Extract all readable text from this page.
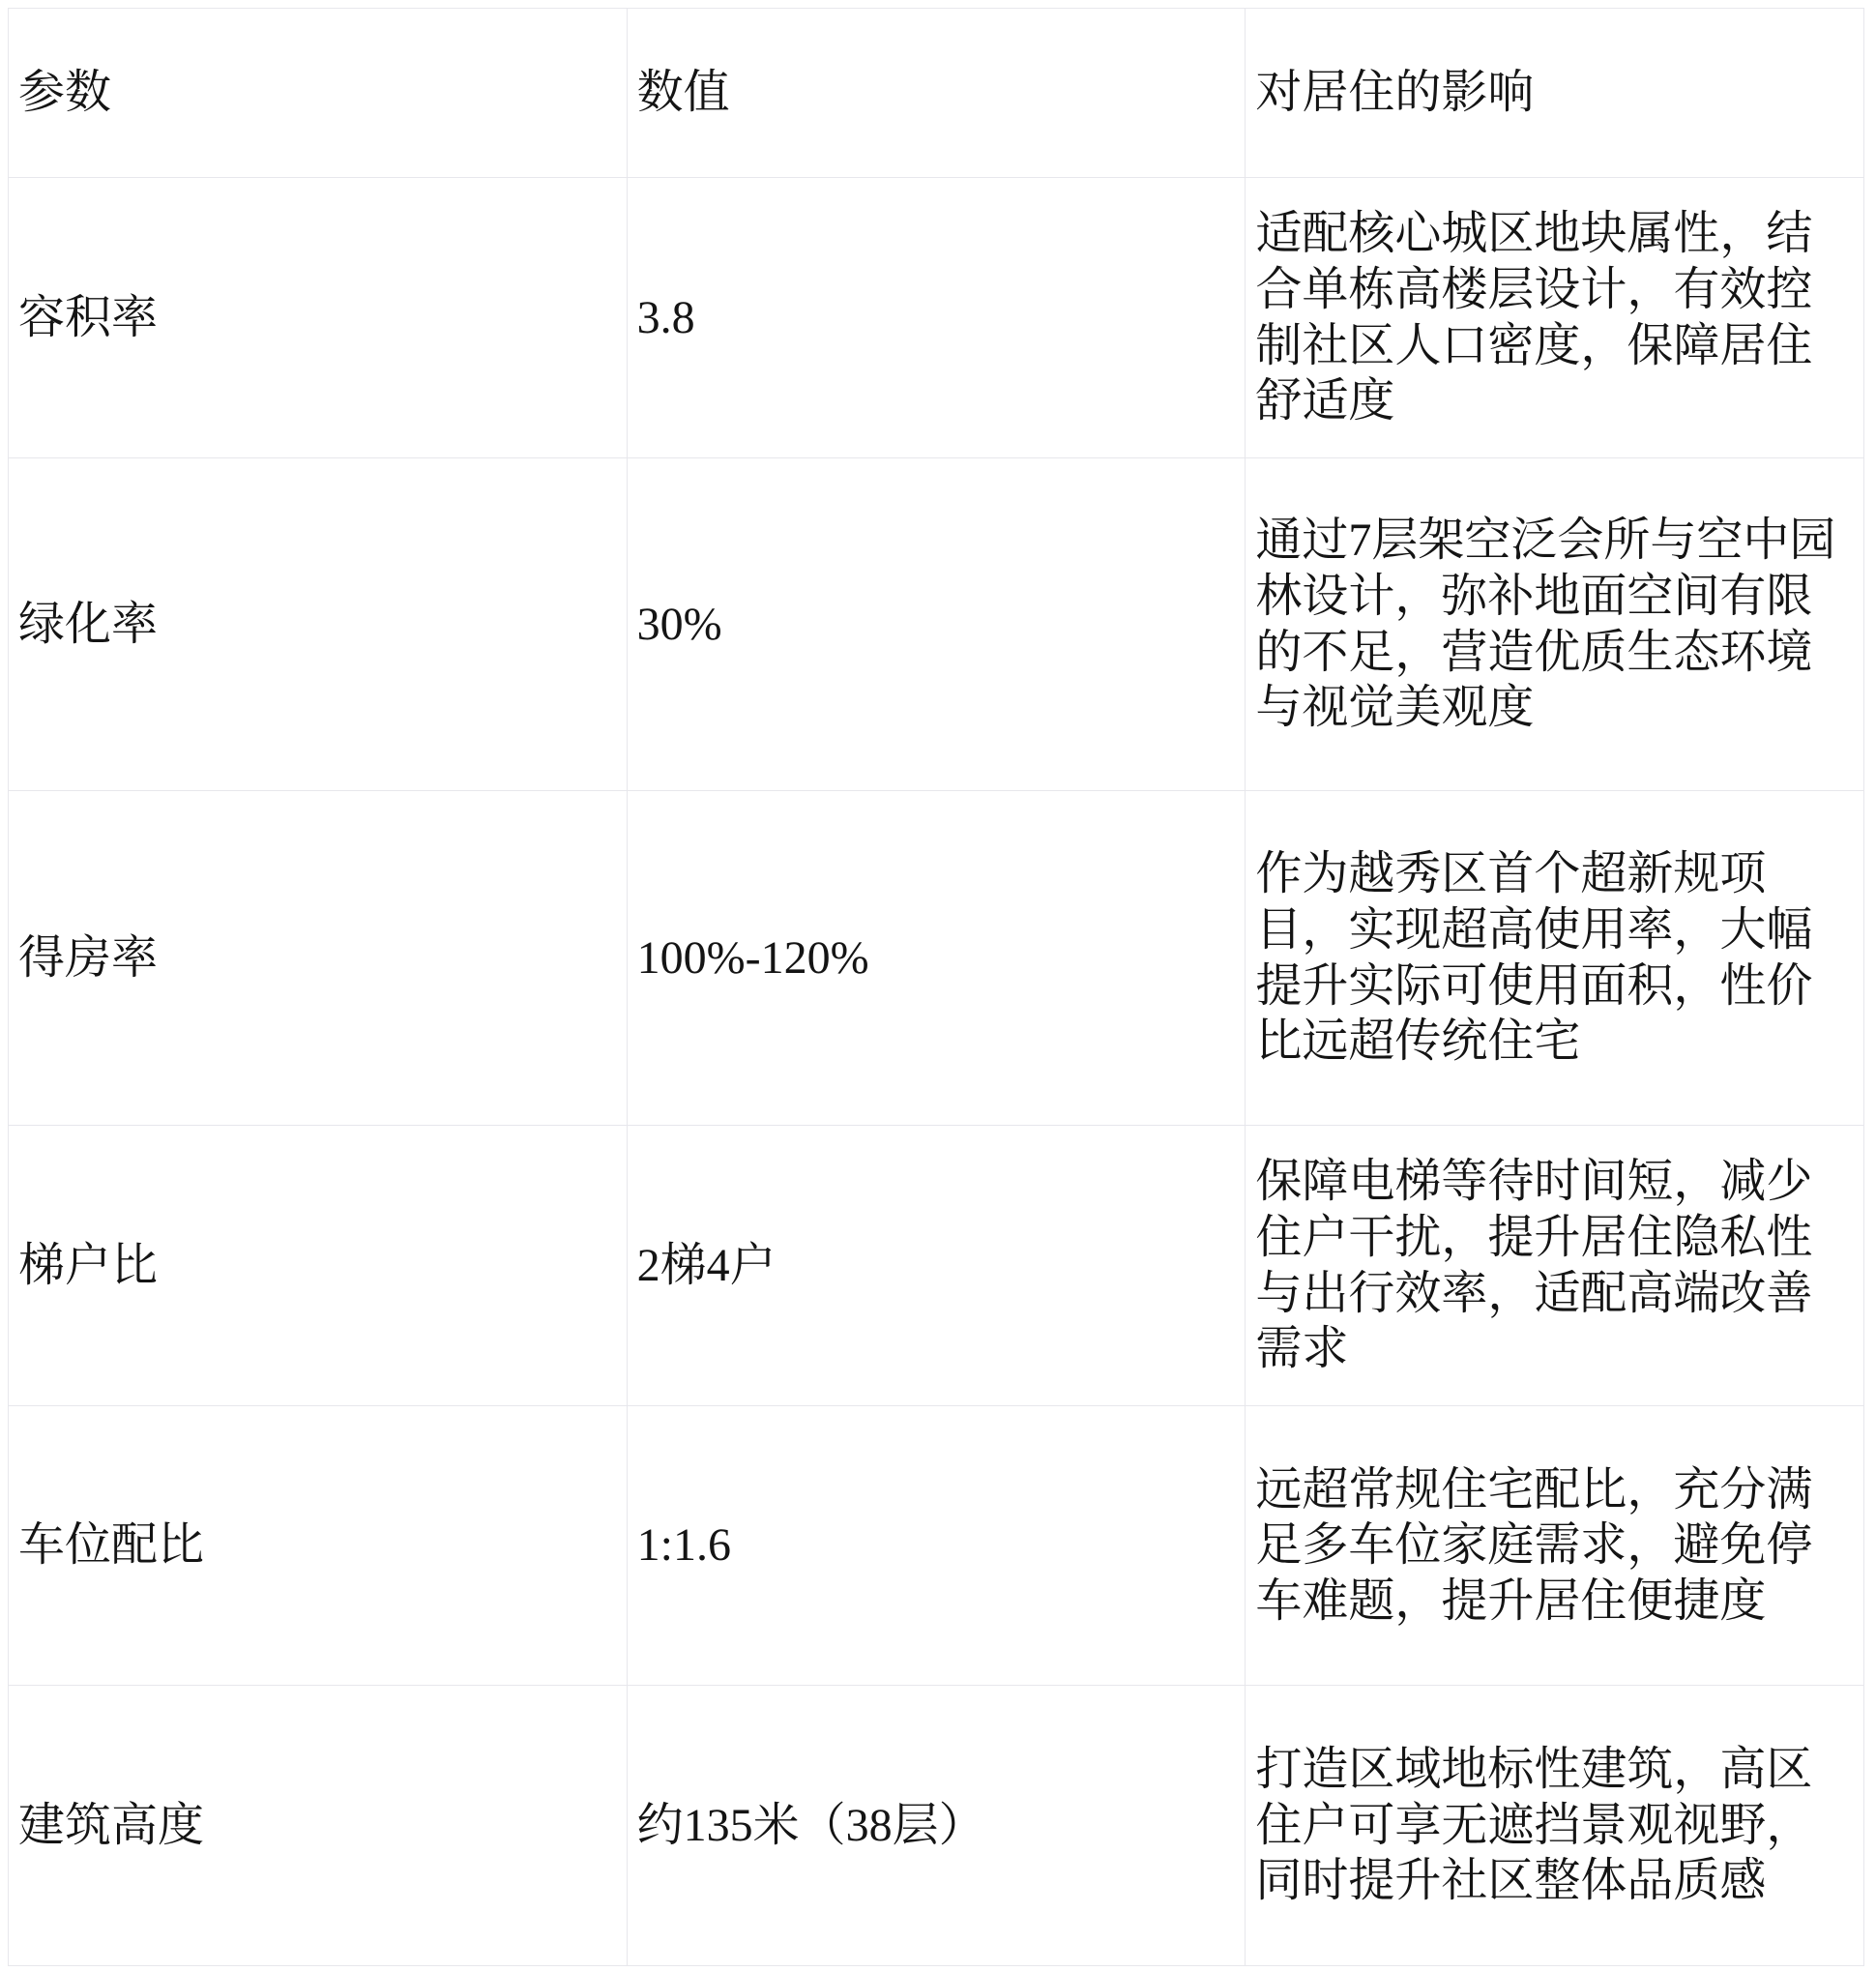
参数	数值	对居住的影响
容积率	3.8	适配核心城区地块属性，结合单栋高楼层设计，有效控制社区人口密度，保障居住舒适度
绿化率	30%	通过7层架空泛会所与空中园林设计，弥补地面空间有限的不足，营造优质生态环境与视觉美观度
得房率	100%-120%	作为越秀区首个超新规项目，实现超高使用率，大幅提升实际可使用面积，性价比远超传统住宅
梯户比	2梯4户	保障电梯等待时间短，减少住户干扰，提升居住隐私性与出行效率，适配高端改善需求
车位配比	1:1.6	远超常规住宅配比，充分满足多车位家庭需求，避免停车难题，提升居住便捷度
建筑高度	约135米（38层）	打造区域地标性建筑，高区住户可享无遮挡景观视野，同时提升社区整体品质感
